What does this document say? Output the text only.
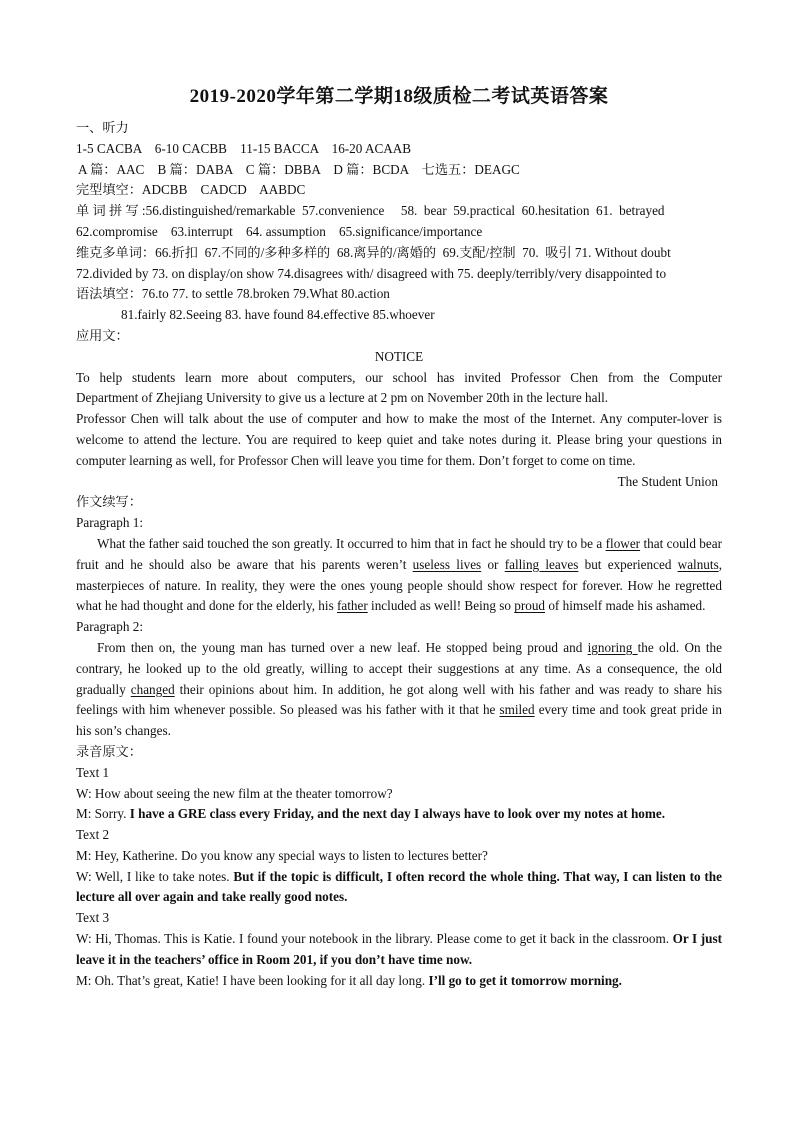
2019-2020学年第二学期18级质检二考试英语答案
一、听力
1-5 CACBA    6-10 CACBB    11-15 BACCA    16-20 ACAAB
A 篇：AAC    B 篇：DABA    C 篇：DBBA    D 篇：BCDA    七选五：DEAGC
完型填空：ADCBB    CADCD    AABDC
单 词 拼 写 :56.distinguished/remarkable  57.convenience     58.  bear  59.practical  60.hesitation  61.  betrayed
62.compromise    63.interrupt    64. assumption    65.significance/importance
维克多单词：66.折扣  67.不同的/多种多样的  68.离异的/离婚的  69.支配/控制  70.  吸引 71. Without doubt
72.divided by 73. on display/on show 74.disagrees with/ disagreed with 75. deeply/terribly/very disappointed to
语法填空：76.to 77. to settle 78.broken 79.What 80.action
81.fairly 82.Seeing 83. have found 84.effective 85.whoever
应用文：
NOTICE
To help students learn more about computers, our school has invited Professor Chen from the Computer
Department of Zhejiang University to give us a lecture at 2 pm on November 20th in the lecture hall.
Professor Chen will talk about the use of computer and how to make the most of the Internet. Any computer-lover is welcome to attend the lecture. You are required to keep quiet and take notes during it. Please bring your questions in computer learning as well, for Professor Chen will leave you time for them. Don’t forget to come on time.
The Student Union
作文续写：
Paragraph 1:
What the father said touched the son greatly. It occurred to him that in fact he should try to be a flower that could bear fruit and he should also be aware that his parents weren’t useless lives or falling leaves but experienced walnuts, masterpieces of nature. In reality, they were the ones young people should show respect for forever. How he regretted what he had thought and done for the elderly, his father included as well! Being so proud of himself made his ashamed.
Paragraph 2:
From then on, the young man has turned over a new leaf. He stopped being proud and ignoring the old. On the contrary, he looked up to the old greatly, willing to accept their suggestions at any time. As a consequence, the old gradually changed their opinions about him. In addition, he got along well with his father and was ready to share his feelings with him whenever possible. So pleased was his father with it that he smiled every time and took great pride in his son’s changes.
录音原文：
Text 1
W: How about seeing the new film at the theater tomorrow?
M: Sorry. I have a GRE class every Friday, and the next day I always have to look over my notes at home.
Text 2
M: Hey, Katherine. Do you know any special ways to listen to lectures better?
W: Well, I like to take notes. But if the topic is difficult, I often record the whole thing. That way, I can listen to the lecture all over again and take really good notes.
Text 3
W: Hi, Thomas. This is Katie. I found your notebook in the library. Please come to get it back in the classroom. Or I just leave it in the teachers’ office in Room 201, if you don’t have time now.
M: Oh. That’s great, Katie! I have been looking for it all day long. I’ll go to get it tomorrow morning.
